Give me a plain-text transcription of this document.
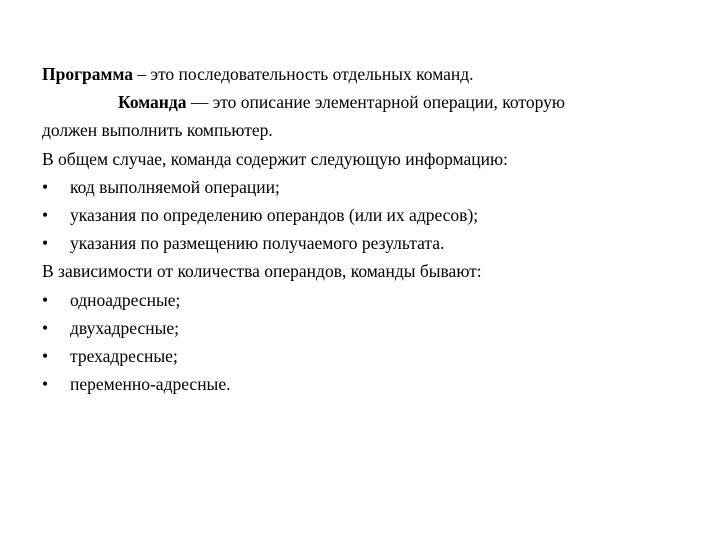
Программа – это последовательность отдельных команд.
Команда — это описание элементарной операции, которую
должен выполнить компьютер.
В общем случае, команда содержит следующую информацию:
•	код выполняемой операции;
•	указания по определению операндов (или их адресов);
•	указания по размещению получаемого результата.
В зависимости от количества операндов, команды бывают:
•	одноадресные;
•	двухадресные;
•	трехадресные;
•	переменно-адресные.
